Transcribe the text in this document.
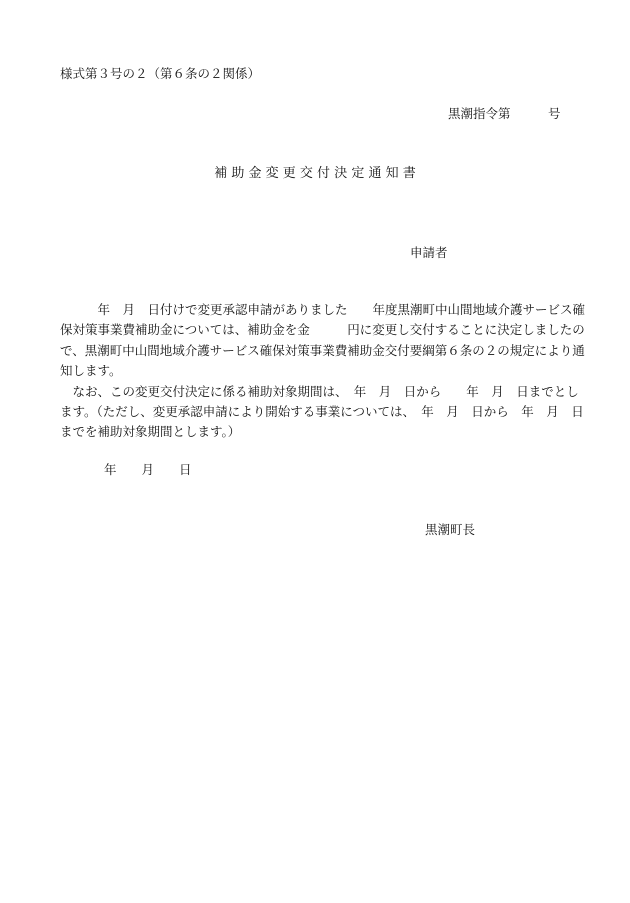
様式第３号の２（第６条の２関係）
黒潮指令第　　　号
補 助 金 変 更 交 付 決 定 通 知 書
申請者

　　　年　月　日付けで変更承認申請がありました　　年度黒潮町中山間地域介護サービス確保対策事業費補助金については、補助金を金　　　円に変更し交付することに決定しましたので、黒潮町中山間地域介護サービス確保対策事業費補助金交付要綱第６条の２の規定により通知します。

　なお、この変更交付決定に係る補助対象期間は、　年　月　日から　　年　月　日までとします。（ただし、変更承認申請により開始する事業については、　年　月　日から　年　月　日までを補助対象期間とします。）

年　　月　　日
黒潮町長
